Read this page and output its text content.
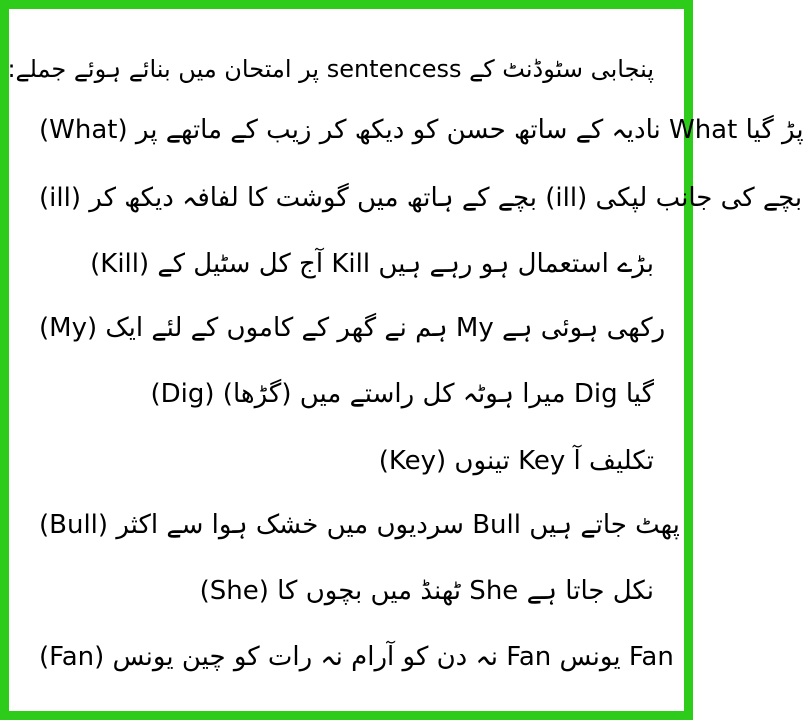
پنجابی سٹوڈنٹ کے sentencess پر امتحان میں بنائے ہوئے جملے:
(What) نادیہ کے ساتھ حسن کو دیکھ کر زیب کے ماتھے پر What پڑ گیا
(ill) بچے کے ہاتھ میں گوشت کا لفافہ دیکھ کر (ill) بچے کی جانب لپکی
(Kill) آج کل سٹیل کے Kill بڑے استعمال ہو رہے ہیں
(My) ہم نے گھر کے کاموں کے لئے ایک My رکھی ہوئی ہے
(Dig) (گڑھا) میرا ہوٹہ کل راستے میں Dig گیا
(Key) تینوں Key تکلیف آ
(Bull) سردیوں میں خشک ہوا سے اکثر Bull پھٹ جاتے ہیں
(She) ٹھنڈ میں بچوں کا She نکل جاتا ہے
(Fan) نہ دن کو آرام نہ رات کو چین یونس Fan یونس Fan
